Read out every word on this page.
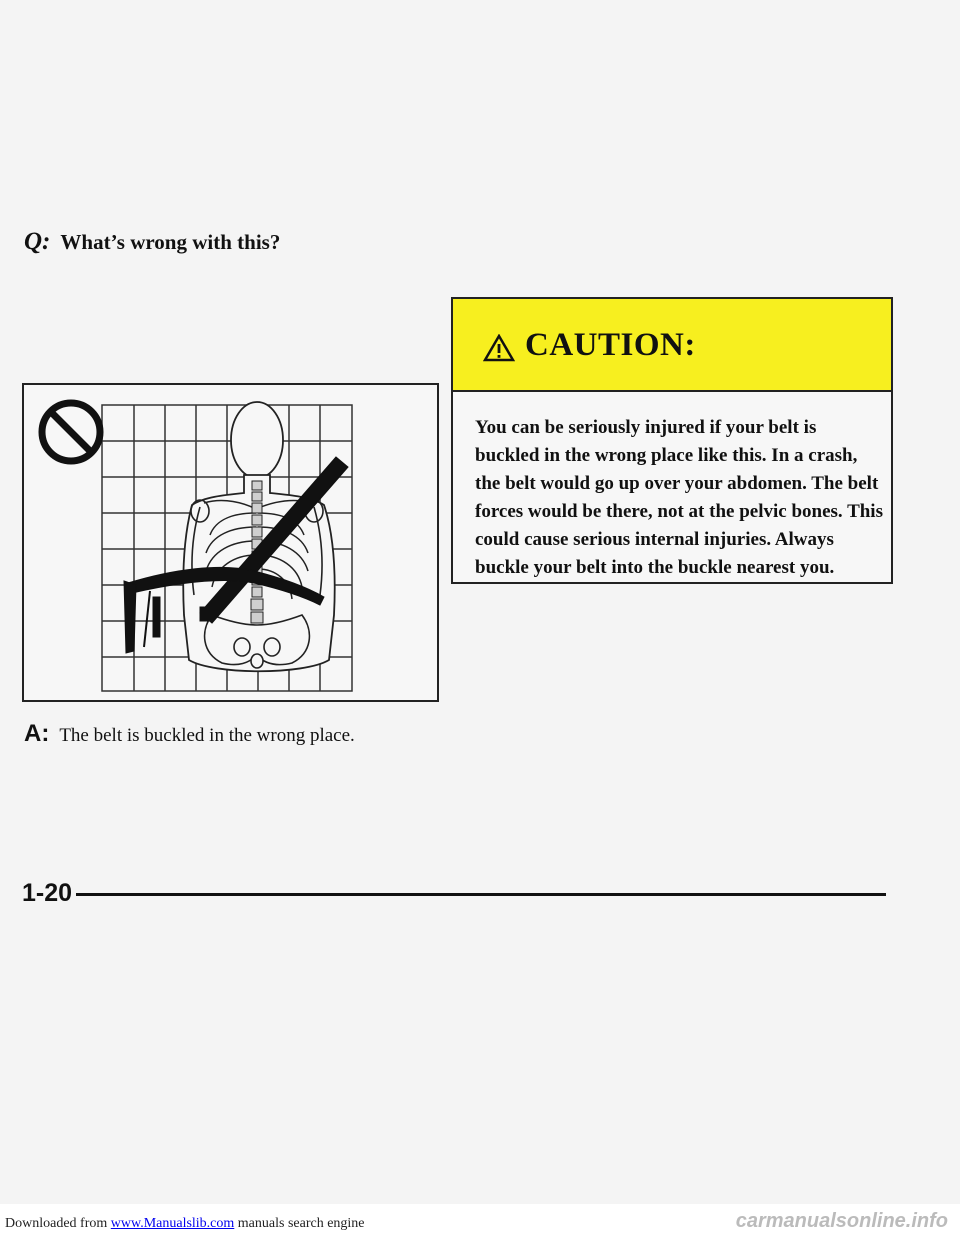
Q: What’s wrong with this?
A: The belt is buckled in the wrong place.
CAUTION:
You can be seriously injured if your belt is buckled in the wrong place like this. In a crash, the belt would go up over your abdomen. The belt forces would be there, not at the pelvic bones. This could cause serious internal injuries. Always buckle your belt into the buckle nearest you.
1-20
Downloaded from www.Manualslib.com manuals search engine	carmanualsonline.info
